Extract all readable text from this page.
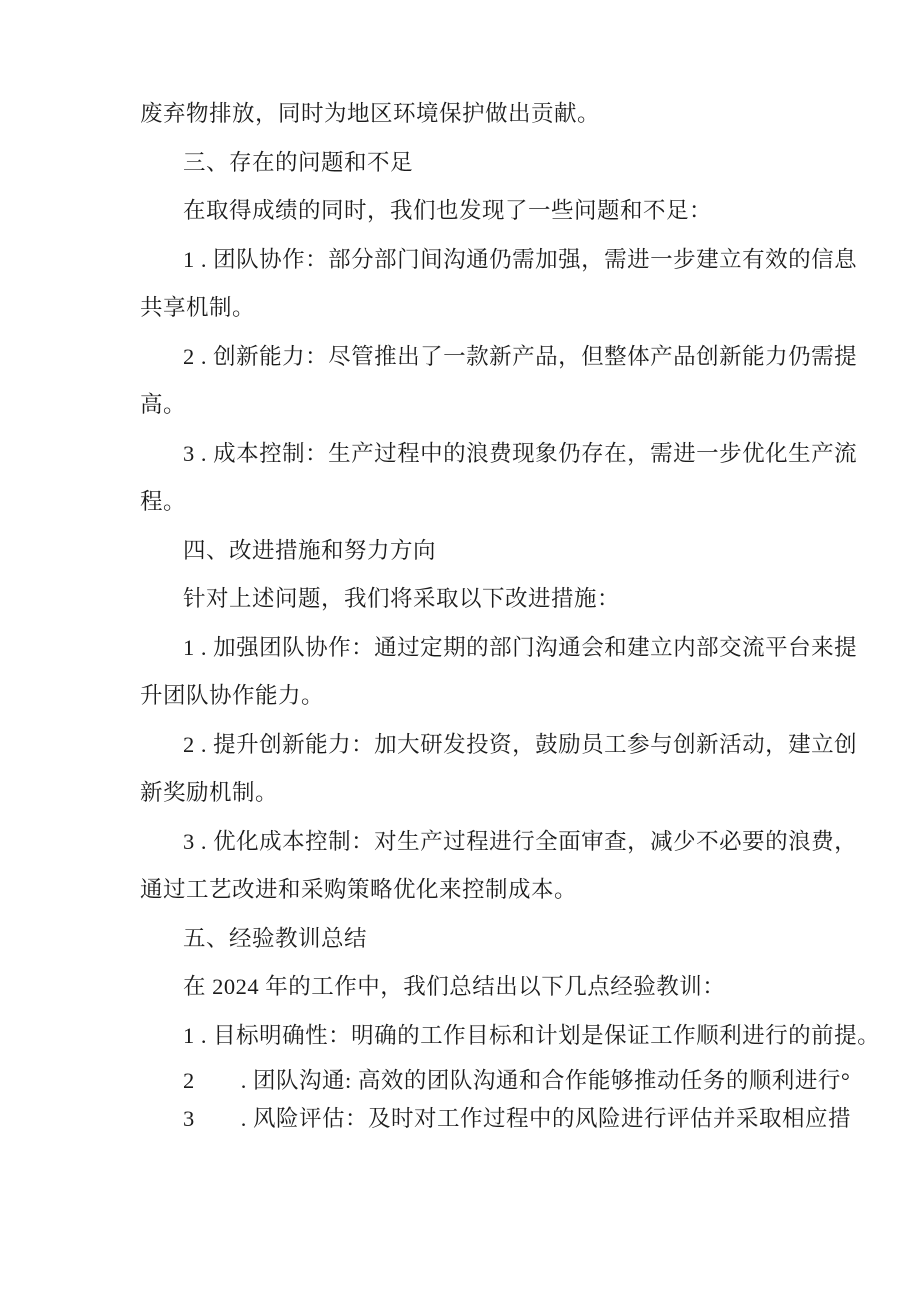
废弃物排放，同时为地区环境保护做出贡献。
三、存在的问题和不足
在取得成绩的同时，我们也发现了一些问题和不足：
1 . 团队协作：部分部门间沟通仍需加强，需进一步建立有效的信息
共享机制。
2 . 创新能力：尽管推出了一款新产品，但整体产品创新能力仍需提
高。
3 . 成本控制：生产过程中的浪费现象仍存在，需进一步优化生产流
程。
四、改进措施和努力方向
针对上述问题，我们将采取以下改进措施：
1 . 加强团队协作：通过定期的部门沟通会和建立内部交流平台来提
升团队协作能力。
2 . 提升创新能力：加大研发投资，鼓励员工参与创新活动，建立创
新奖励机制。
3 . 优化成本控制：对生产过程进行全面审查，减少不必要的浪费，
通过工艺改进和采购策略优化来控制成本。
五、经验教训总结
在 2024 年的工作中，我们总结出以下几点经验教训：
1 . 目标明确性：明确的工作目标和计划是保证工作顺利进行的前提。
2　　. 团队沟通: 高效的团队沟通和合作能够推动任务的顺利进行°
3　　. 风险评估：及时对工作过程中的风险进行评估并采取相应措
